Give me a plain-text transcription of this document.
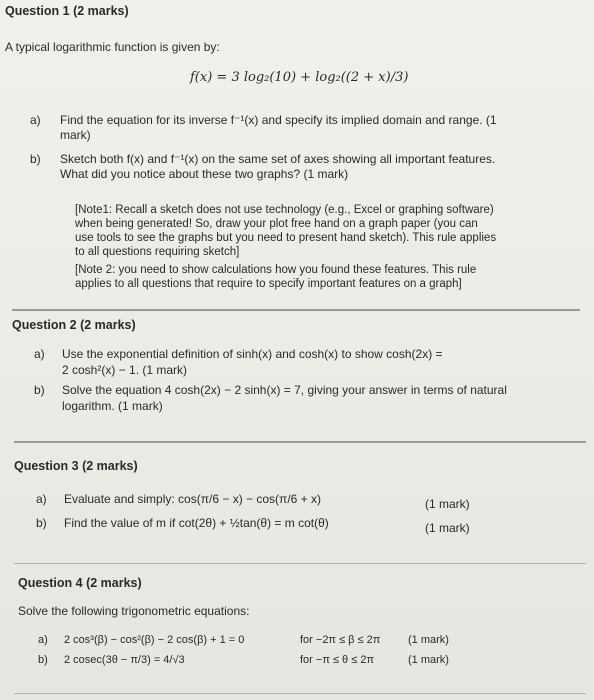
Question 1 (2 marks)
A typical logarithmic function is given by:
f(x) = 3 log₂(10) + log₂((2 + x)/3)
a) Find the equation for its inverse f⁻¹(x) and specify its implied domain and range. (1
mark)
b) Sketch both f(x) and f⁻¹(x) on the same set of axes showing all important features.
What did you notice about these two graphs? (1 mark)
[Note1: Recall a sketch does not use technology (e.g., Excel or graphing software)
when being generated! So, draw your plot free hand on a graph paper (you can
use tools to see the graphs but you need to present hand sketch). This rule applies
to all questions requiring sketch]
[Note 2: you need to show calculations how you found these features. This rule
applies to all questions that require to specify important features on a graph]
Question 2 (2 marks)
a) Use the exponential definition of sinh(x) and cosh(x) to show cosh(2x) =
2 cosh²(x) − 1. (1 mark)
b) Solve the equation 4 cosh(2x) − 2 sinh(x) = 7, giving your answer in terms of natural
logarithm. (1 mark)
Question 3 (2 marks)
a) Evaluate and simply: cos(π/6 − x) − cos(π/6 + x)	(1 mark)
b) Find the value of m if cot(2θ) + ½tan(θ) = m cot(θ)	(1 mark)
Question 4 (2 marks)
Solve the following trigonometric equations:
a) 2 cos³(β) − cos²(β) − 2 cos(β) + 1 = 0	for −2π ≤ β ≤ 2π	(1 mark)
b) 2 cosec(3θ − π/3) = 4/√3	for −π ≤ θ ≤ 2π	(1 mark)
